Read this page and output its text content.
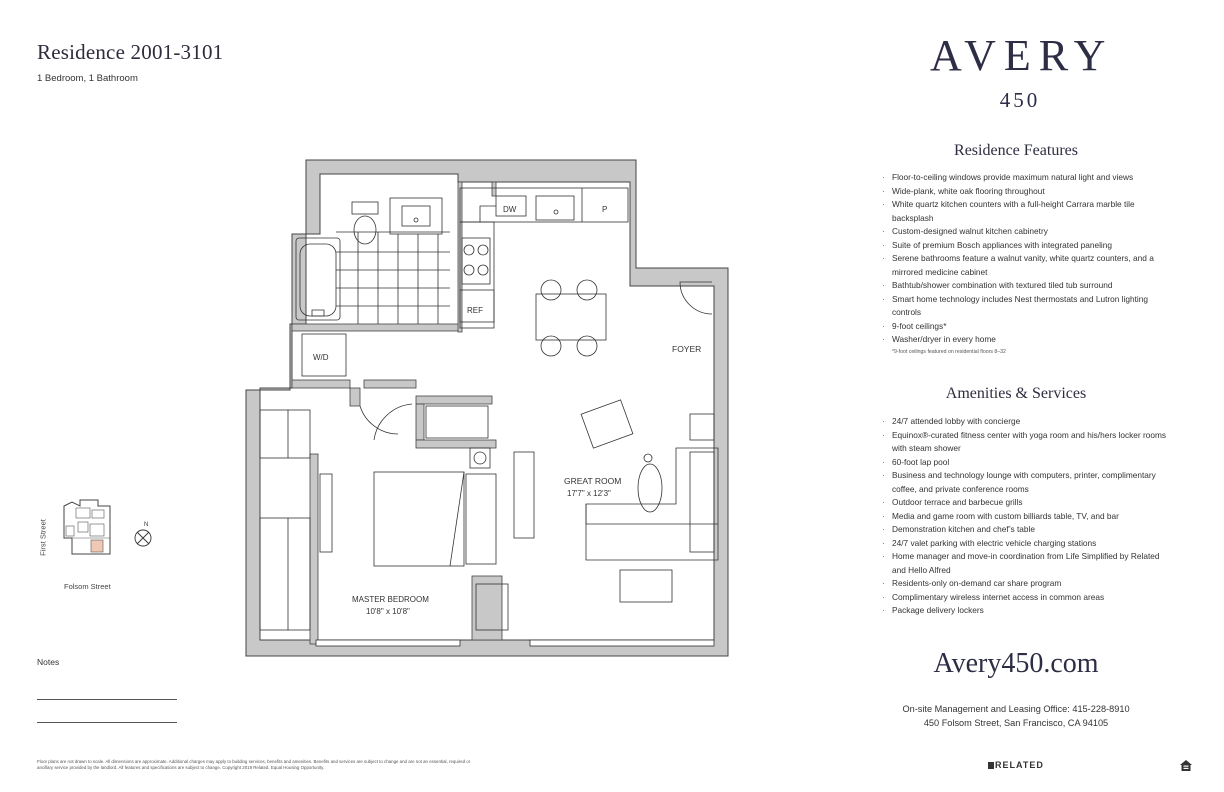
Residence 2001-3101
1 Bedroom, 1 Bathroom	AVERY
450
Residence Features
· Floor-to-ceiling windows provide maximum natural light and views
· Wide-plank, white oak flooring throughout
· White quartz kitchen counters with a full-height Carrara marble tile backsplash
· Custom-designed walnut kitchen cabinetry
· Suite of premium Bosch appliances with integrated paneling
· Serene bathrooms feature a walnut vanity, white quartz counters, and a mirrored medicine cabinet
· Bathtub/shower combination with textured tiled tub surround
· Smart home technology includes Nest thermostats and Lutron lighting controls
· 9-foot ceilings*
· Washer/dryer in every home
*9-foot ceilings featured on residential floors 8–32
Amenities & Services
· 24/7 attended lobby with concierge
· Equinox®-curated fitness center with yoga room and his/hers locker rooms with steam shower
· 60-foot lap pool
· Business and technology lounge with computers, printer, complimentary coffee, and private conference rooms
· Outdoor terrace and barbecue grills
· Media and game room with custom billiards table, TV, and bar
· Demonstration kitchen and chef’s table
· 24/7 valet parking with electric vehicle charging stations
· Home manager and move-in coordination from Life Simplified by Related and Hello Alfred
· Residents-only on-demand car share program
· Complimentary wireless internet access in common areas
· Package delivery lockers
Avery450.com
On-site Management and Leasing Office: 415-228-8910
450 Folsom Street, San Francisco, CA 94105
RELATED
Floor plans are not drawn to scale. All dimensions are approximate. Additional charges may apply to building services, benefits and amenities. Benefits and services are subject to change and are not an essential, required or ancillary service provided by the landlord. All features and specifications are subject to change. Copyright 2019 Related. Equal Housing Opportunity.
Notes
N
First Street
Folsom Street
DW	P
REF
FOYER
W/D
MASTER BEDROOM
10'8" x 10'8"
GREAT ROOM
17'7" x 12'3"
